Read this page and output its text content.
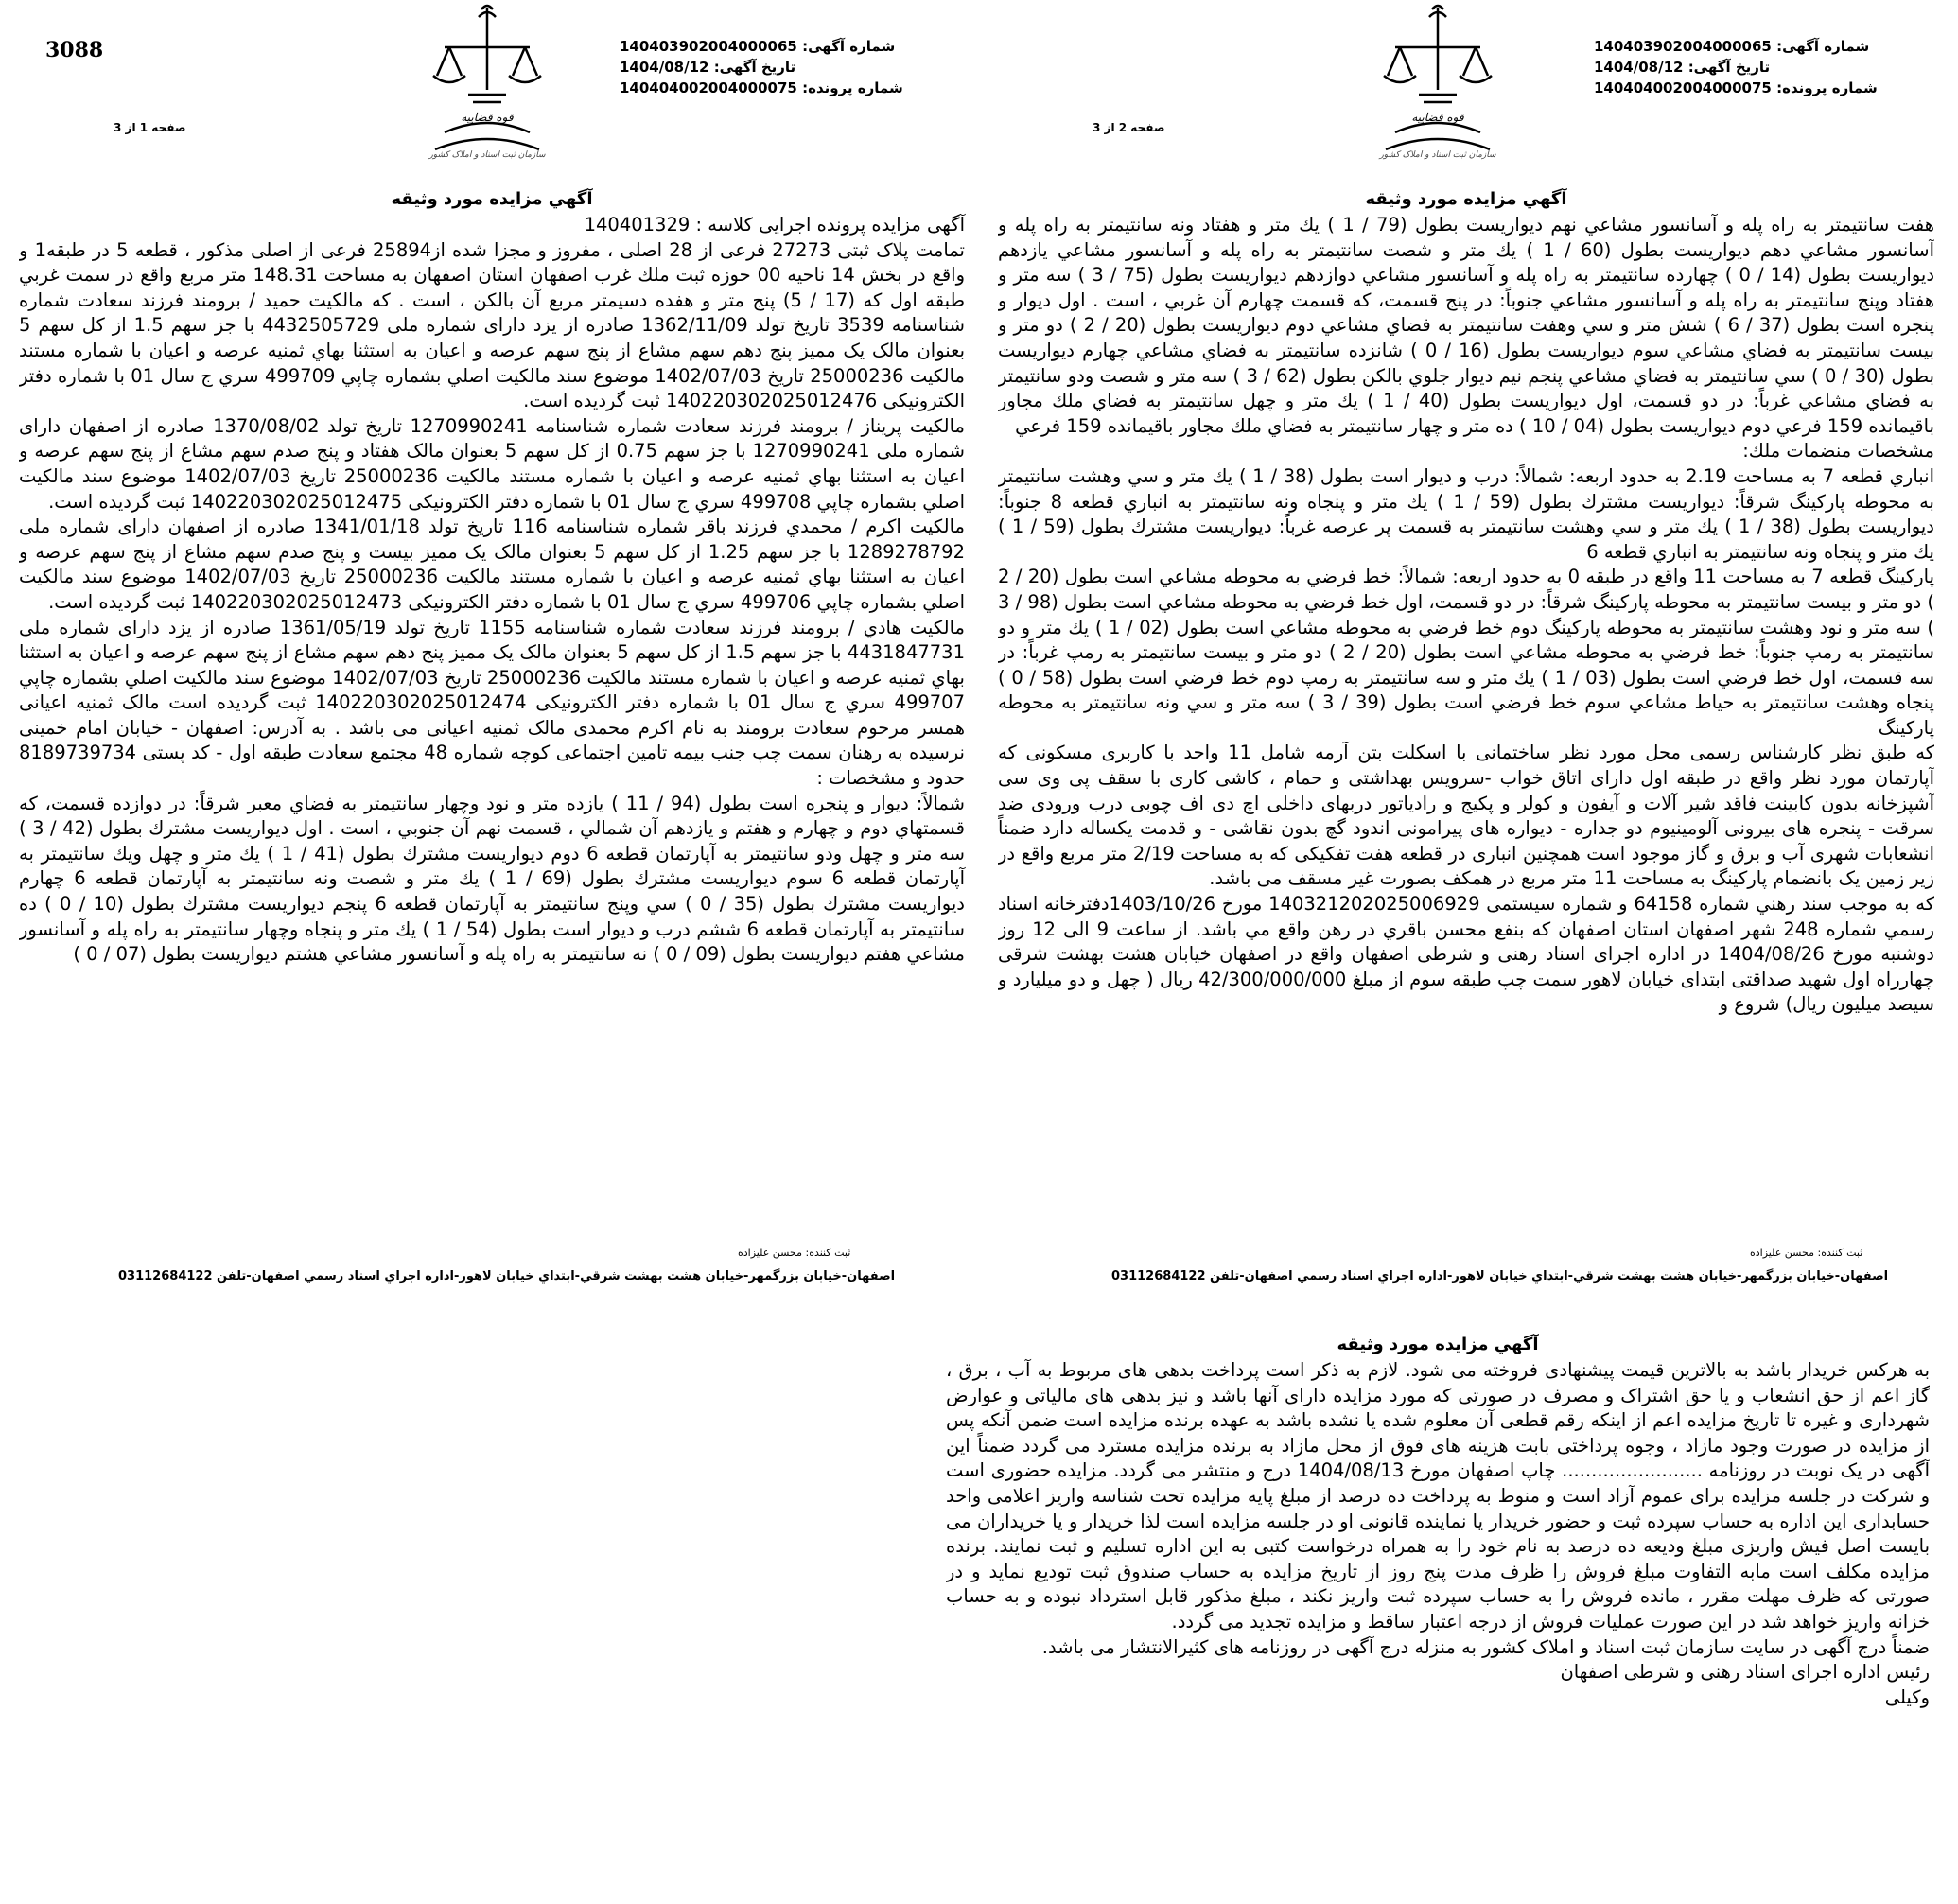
شماره آگهی: 140403902004000065
تاریخ آگهی: 1404/08/12
شماره پرونده: 140404002004000075
قوه قضاییه
سازمان ثبت اسناد و املاک کشور
صفحه 2 از 3
آگهي مزايده مورد وثيقه

هفت سانتيمتر به راه پله و آسانسور مشاعي نهم ديواريست بطول (79 / 1 ) يك متر و هفتاد ونه سانتيمتر به راه پله و آسانسور مشاعي دهم ديواريست بطول (60 / 1 ) يك متر و شصت سانتيمتر به راه پله و آسانسور مشاعي يازدهم ديواريست بطول (14 / 0 ) چهارده سانتيمتر به راه پله و آسانسور مشاعي دوازدهم ديواريست بطول (75 / 3 ) سه متر و هفتاد وپنج سانتيمتر به راه پله و آسانسور مشاعي جنوباً: در پنج قسمت، كه قسمت چهارم آن غربي ، است . اول ديوار و پنجره است بطول (37 / 6 ) شش متر و سي وهفت سانتيمتر به فضاي مشاعي دوم ديواريست بطول (20 / 2 ) دو متر و بيست سانتيمتر به فضاي مشاعي سوم ديواريست بطول (16 / 0 ) شانزده سانتيمتر به فضاي مشاعي چهارم ديواريست بطول (30 / 0 ) سي سانتيمتر به فضاي مشاعي پنجم نيم ديوار جلوي بالكن بطول (62 / 3 ) سه متر و شصت ودو سانتيمتر به فضاي مشاعي غرباً: در دو قسمت، اول ديواريست بطول (40 / 1 ) يك متر و چهل سانتيمتر به فضاي ملك مجاور باقيمانده 159 فرعي دوم ديواريست بطول (04 / 10 ) ده متر و چهار سانتيمتر به فضاي ملك مجاور باقيمانده 159 فرعي

مشخصات منضمات ملك:

انباري قطعه 7 به مساحت 2.19 به حدود اربعه: شمالاً: درب و ديوار است بطول (38 / 1 ) يك متر و سي وهشت سانتيمتر به محوطه پاركينگ شرقاً: ديواريست مشترك بطول (59 / 1 ) يك متر و پنجاه ونه سانتيمتر به انباري قطعه 8 جنوباً: ديواريست بطول (38 / 1 ) يك متر و سي وهشت سانتيمتر به قسمت پر عرصه غرباً: ديواريست مشترك بطول (59 / 1 ) يك متر و پنجاه ونه سانتيمتر به انباري قطعه 6

پاركينگ قطعه 7 به مساحت 11 واقع در طبقه 0 به حدود اربعه: شمالاً: خط فرضي به محوطه مشاعي است بطول (20 / 2 ) دو متر و بيست سانتيمتر به محوطه پاركينگ شرقاً: در دو قسمت، اول خط فرضي به محوطه مشاعي است بطول (98 / 3 ) سه متر و نود وهشت سانتيمتر به محوطه پاركينگ دوم خط فرضي به محوطه مشاعي است بطول (02 / 1 ) يك متر و دو سانتيمتر به رمپ جنوباً: خط فرضي به محوطه مشاعي است بطول (20 / 2 ) دو متر و بيست سانتيمتر به رمپ غرباً: در سه قسمت، اول خط فرضي است بطول (03 / 1 ) يك متر و سه سانتيمتر به رمپ دوم خط فرضي است بطول (58 / 0 ) پنجاه وهشت سانتيمتر به حياط مشاعي سوم خط فرضي است بطول (39 / 3 ) سه متر و سي ونه سانتيمتر به محوطه پاركينگ

که طبق نظر کارشناس رسمی محل مورد نظر ساختمانی با اسکلت بتن آرمه شامل 11 واحد با کاربری مسکونی که آپارتمان مورد نظر واقع در طبقه اول دارای اتاق خواب -سرویس بهداشتی و حمام ، کاشی کاری با سقف پی وی سی آشپزخانه بدون کابینت فاقد شیر آلات و آیفون و کولر و پکیج و رادیاتور دربهای داخلی اچ دی اف چوبی درب ورودی ضد سرقت - پنجره های بیرونی آلومینیوم دو جداره - دیواره های پیرامونی اندود گچ بدون نقاشی - و قدمت یکساله دارد ضمناً انشعابات شهری آب و برق و گاز موجود است همچنین انباری در قطعه هفت تفکیکی که به مساحت 2/19 متر مربع واقع در زیر زمین یک بانضمام پارکینگ به مساحت 11 متر مربع در همکف بصورت غیر مسقف می باشد.

كه به موجب سند رهني شماره 64158 و شماره سيستمی 140321202025006929 مورخ 1403/10/26دفترخانه اسناد رسمي شماره 248 شهر اصفهان استان اصفهان كه بنفع محسن باقري در رهن واقع مي باشد. از ساعت 9 الی 12 روز دوشنبه مورخ 1404/08/26 در اداره اجرای اسناد رهنی و شرطی اصفهان واقع در اصفهان خیابان هشت بهشت شرقی چهارراه اول شهید صداقتی ابتدای خیابان لاهور سمت چپ طبقه سوم از مبلغ 42/300/000/000 ريال ( چهل و دو ميليارد و سيصد ميليون ريال) شروع و

ثبت کننده: محسن علیزاده
اصفهان-خیابان بزرگمهر-خیابان هشت بهشت شرقي-ابتداي خیابان لاهور-اداره اجراي اسناد رسمي اصفهان-تلفن 03112684122
3088	شماره آگهی: 140403902004000065
تاریخ آگهی: 1404/08/12
شماره پرونده: 140404002004000075
قوه قضاییه
سازمان ثبت اسناد و املاک کشور
صفحه 1 از 3
آگهي مزايده مورد وثيقه

آگهی مزايده پرونده اجرايی كلاسه : 140401329

تمامت پلاک ثبتی 27273 فرعی از 28 اصلی ، مفروز و مجزا شده از25894 فرعی از اصلی مذکور ، قطعه 5 در طبقه1 و واقع در بخش 14 ناحيه 00 حوزه ثبت ملك غرب اصفهان استان اصفهان به مساحت 148.31 متر مربع واقع در سمت غربي طبقه اول كه (17 / 5) پنج متر و هفده دسيمتر مربع آن بالكن ، است . كه مالكيت حميد / برومند فرزند سعادت شماره شناسنامه 3539 تاريخ تولد 1362/11/09 صادره از يزد دارای شماره ملی 4432505729 با جز سهم 1.5 از کل سهم 5 بعنوان مالک یک ممیز پنج دهم سهم مشاع از پنج سهم عرصه و اعيان به استثنا بهاي ثمنيه عرصه و اعيان با شماره مستند مالكيت 25000236 تاريخ 1402/07/03 موضوع سند مالكيت اصلي بشماره چاپي 499709 سري ج سال 01 با شماره دفتر الكترونيكی 140220302025012476 ثبت گرديده است.

مالكيت پريناز / برومند فرزند سعادت شماره شناسنامه 1270990241 تاريخ تولد 1370/08/02 صادره از اصفهان دارای شماره ملی 1270990241 با جز سهم 0.75 از کل سهم 5 بعنوان مالک هفتاد و پنج صدم سهم مشاع از پنج سهم عرصه و اعيان به استثنا بهاي ثمنيه عرصه و اعيان با شماره مستند مالكيت 25000236 تاريخ 1402/07/03 موضوع سند مالكيت اصلي بشماره چاپي 499708 سري ج سال 01 با شماره دفتر الكترونيكی 140220302025012475 ثبت گرديده است.

مالكيت اكرم / محمدي فرزند باقر شماره شناسنامه 116 تاريخ تولد 1341/01/18 صادره از اصفهان دارای شماره ملی 1289278792 با جز سهم 1.25 از کل سهم 5 بعنوان مالک یک ممیز بیست و پنج صدم سهم مشاع از پنج سهم عرصه و اعيان به استثنا بهاي ثمنيه عرصه و اعيان با شماره مستند مالكيت 25000236 تاريخ 1402/07/03 موضوع سند مالكيت اصلي بشماره چاپي 499706 سري ج سال 01 با شماره دفتر الكترونيكی 140220302025012473 ثبت گرديده است.

مالكيت هادي / برومند فرزند سعادت شماره شناسنامه 1155 تاريخ تولد 1361/05/19 صادره از يزد دارای شماره ملی 4431847731 با جز سهم 1.5 از کل سهم 5 بعنوان مالک یک ممیز پنج دهم سهم مشاع از پنج سهم عرصه و اعيان به استثنا بهاي ثمنيه عرصه و اعيان با شماره مستند مالكيت 25000236 تاريخ 1402/07/03 موضوع سند مالكيت اصلي بشماره چاپي 499707 سري ج سال 01 با شماره دفتر الكترونيكی 140220302025012474 ثبت گرديده است مالک ثمنیه اعیانی همسر مرحوم سعادت برومند به نام اکرم محمدی مالک ثمنیه اعیانی می باشد . به آدرس: اصفهان - خیابان امام خمینی نرسیده به رهنان سمت چپ جنب بیمه تامین اجتماعی کوچه شماره 48 مجتمع سعادت طبقه اول - کد پستی 8189739734 حدود و مشخصات :

شمالاً: ديوار و پنجره است بطول (94 / 11 ) يازده متر و نود وچهار سانتيمتر به فضاي معبر شرقاً: در دوازده قسمت، كه قسمتهاي دوم و چهارم و هفتم و يازدهم آن شمالي ، قسمت نهم آن جنوبي ، است . اول ديواريست مشترك بطول (42 / 3 ) سه متر و چهل ودو سانتيمتر به آپارتمان قطعه 6 دوم ديواريست مشترك بطول (41 / 1 ) يك متر و چهل ويك سانتيمتر به آپارتمان قطعه 6 سوم ديواريست مشترك بطول (69 / 1 ) يك متر و شصت ونه سانتيمتر به آپارتمان قطعه 6 چهارم ديواريست مشترك بطول (35 / 0 ) سي وپنج سانتيمتر به آپارتمان قطعه 6 پنجم ديواريست مشترك بطول (10 / 0 ) ده سانتيمتر به آپارتمان قطعه 6 ششم درب و ديوار است بطول (54 / 1 ) يك متر و پنجاه وچهار سانتيمتر به راه پله و آسانسور مشاعي هفتم ديواريست بطول (09 / 0 ) نه سانتيمتر به راه پله و آسانسور مشاعي هشتم ديواريست بطول (07 / 0 )

ثبت کننده: محسن علیزاده
اصفهان-خیابان بزرگمهر-خیابان هشت بهشت شرقي-ابتداي خیابان لاهور-اداره اجراي اسناد رسمي اصفهان-تلفن 03112684122
آگهي مزايده مورد وثيقه

به هرکس خريدار باشد به بالاترين قيمت پيشنهادی فروخته می شود. لازم به ذکر است پرداخت بدهی های مربوط به آب ، برق ، گاز اعم از حق انشعاب و يا حق اشتراک و مصرف در صورتی که مورد مزايده دارای آنها باشد و نيز بدهی های مالياتی و عوارض شهرداری و غيره تا تاريخ مزايده اعم از اينکه رقم قطعی آن معلوم شده يا نشده باشد به عهده برنده مزايده است ضمن آنکه پس از مزايده در صورت وجود مازاد ، وجوه پرداختی بابت هزينه های فوق از محل مازاد به برنده مزايده مسترد می گردد ضمناً اين آگهی در يک نوبت در روزنامه ........................ چاپ اصفهان مورخ 1404/08/13 درج و منتشر می گردد. مزايده حضوری است و شرکت در جلسه مزايده برای عموم آزاد است و منوط به پرداخت ده درصد از مبلغ پايه مزايده تحت شناسه واريز اعلامی واحد حسابداری اين اداره به حساب سپرده ثبت و حضور خريدار يا نماينده قانونی او در جلسه مزايده است لذا خريدار و يا خريداران می بايست اصل فيش واريزی مبلغ وديعه ده درصد به نام خود را به همراه درخواست کتبی به اين اداره تسليم و ثبت نمايند. برنده مزايده مکلف است مابه التفاوت مبلغ فروش را ظرف مدت پنج روز از تاريخ مزايده به حساب صندوق ثبت توديع نمايد و در صورتی که ظرف مهلت مقرر ، مانده فروش را به حساب سپرده ثبت واريز نکند ، مبلغ مذکور قابل استرداد نبوده و به حساب خزانه واريز خواهد شد در اين صورت عمليات فروش از درجه اعتبار ساقط و مزايده تجديد می گردد.

ضمناً درج آگهی در سايت سازمان ثبت اسناد و املاک کشور به منزله درج آگهی در روزنامه های کثيرالانتشار می باشد.

رئيس اداره اجرای اسناد رهنی و شرطی اصفهان

وکيلی
